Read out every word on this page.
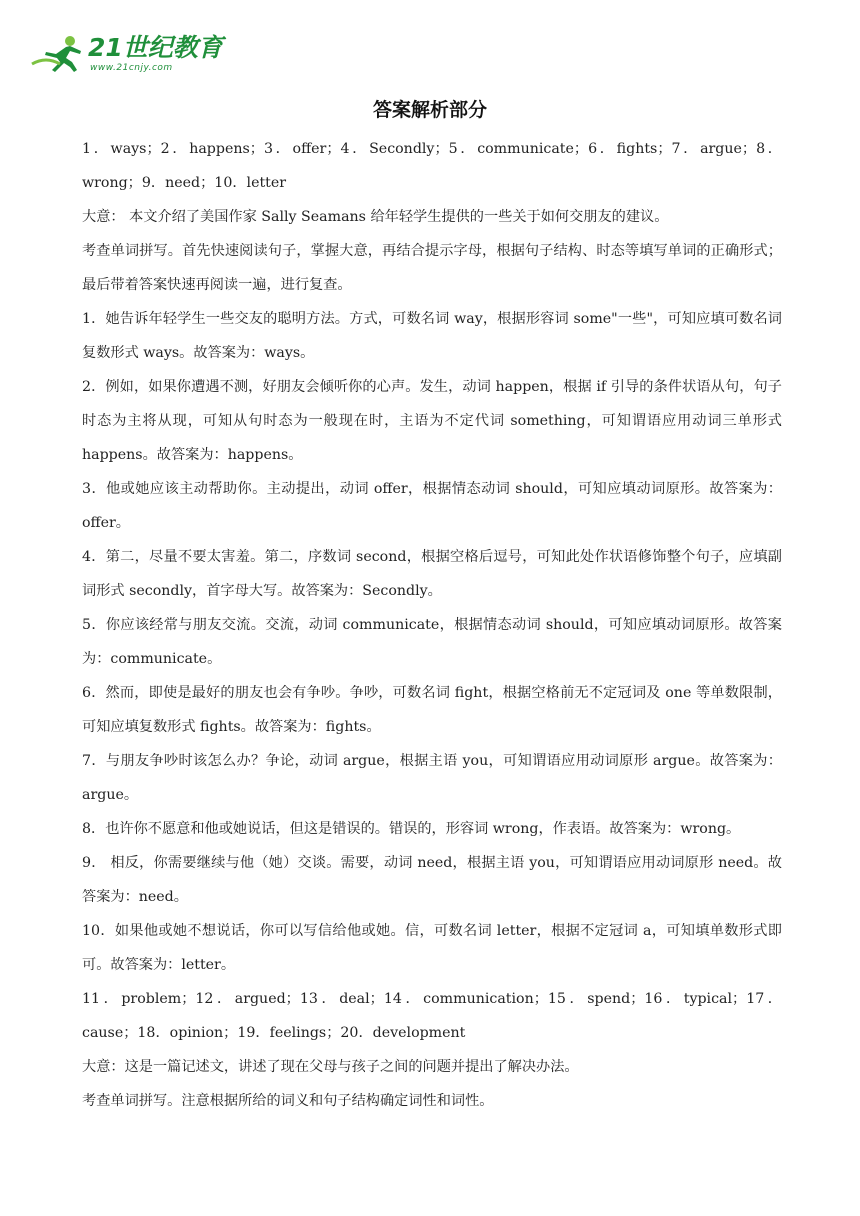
21世纪教育
www.21cnjy.com
答案解析部分

1．ways；2．happens；3．offer；4．Secondly；5．communicate；6．fights；7．argue；8．wrong；9．need；10．letter

大意： 本文介绍了美国作家 Sally Seamans 给年轻学生提供的一些关于如何交朋友的建议。

考查单词拼写。首先快速阅读句子，掌握大意，再结合提示字母，根据句子结构、时态等填写单词的正确形式；最后带着答案快速再阅读一遍，进行复查。

1．她告诉年轻学生一些交友的聪明方法。方式，可数名词 way，根据形容词 some"一些"，可知应填可数名词复数形式 ways。故答案为：ways。

2．例如，如果你遭遇不测，好朋友会倾听你的心声。发生，动词 happen，根据 if 引导的条件状语从句，句子时态为主将从现，可知从句时态为一般现在时，主语为不定代词 something，可知谓语应用动词三单形式 happens。故答案为：happens。

3．他或她应该主动帮助你。主动提出，动词 offer，根据情态动词 should，可知应填动词原形。故答案为：offer。

4．第二，尽量不要太害羞。第二，序数词 second，根据空格后逗号，可知此处作状语修饰整个句子，应填副词形式 secondly，首字母大写。故答案为：Secondly。

5．你应该经常与朋友交流。交流，动词 communicate，根据情态动词 should，可知应填动词原形。故答案为：communicate。

6．然而，即使是最好的朋友也会有争吵。争吵，可数名词 fight，根据空格前无不定冠词及 one 等单数限制，可知应填复数形式 fights。故答案为：fights。

7．与朋友争吵时该怎么办？争论，动词 argue，根据主语 you，可知谓语应用动词原形 argue。故答案为：argue。

8．也许你不愿意和他或她说话，但这是错误的。错误的，形容词 wrong，作表语。故答案为：wrong。

9． 相反，你需要继续与他（她）交谈。需要，动词 need，根据主语 you，可知谓语应用动词原形 need。故答案为：need。

10．如果他或她不想说话，你可以写信给他或她。信，可数名词 letter，根据不定冠词 a，可知填单数形式即可。故答案为：letter。

11．problem；12．argued；13．deal；14．communication；15．spend；16．typical；17．cause；18．opinion；19．feelings；20．development

大意：这是一篇记述文，讲述了现在父母与孩子之间的问题并提出了解决办法。

考查单词拼写。注意根据所给的词义和句子结构确定词性和词性。
